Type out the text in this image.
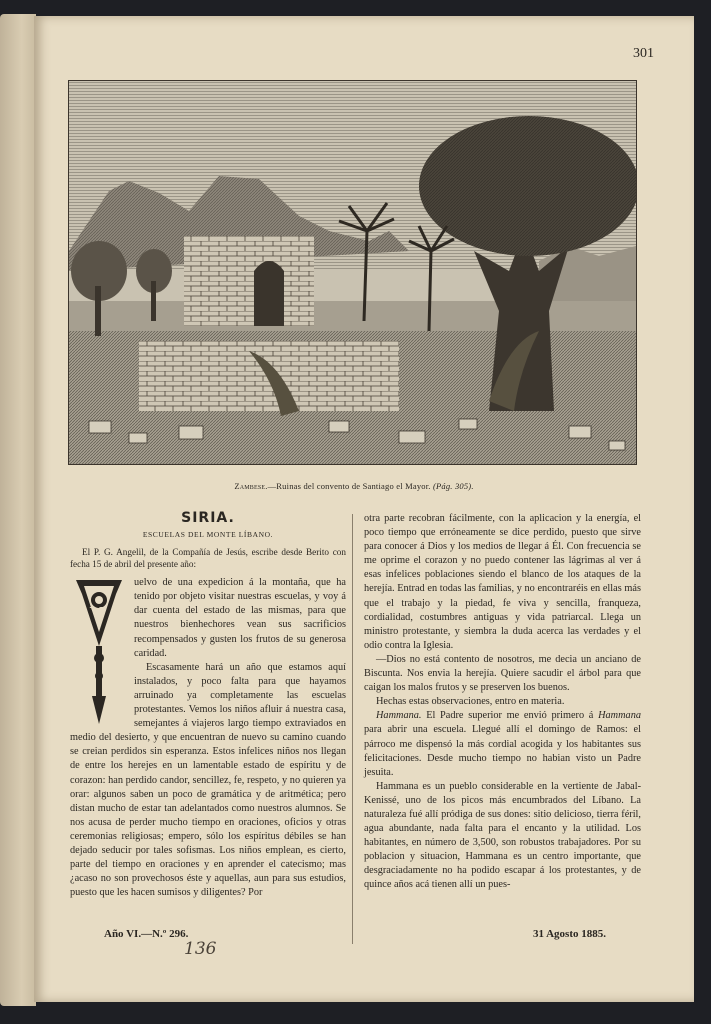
301
Zambese.—Ruinas del convento de Santiago el Mayor. (Pág. 305).
SIRIA.
ESCUELAS DEL MONTE LÍBANO.

El P. G. Angelil, de la Compañía de Jesús, escribe desde Berito con fecha 15 de abril del presente año:

V

uelvo de una expedicion á la montaña, que ha tenido por objeto visitar nuestras escuelas, y voy á dar cuenta del estado de las mismas, para que nuestros bienhechores vean sus sacrificios recompensados y gusten los frutos de su generosa caridad.

Escasamente hará un año que estamos aquí instalados, y poco falta para que hayamos arruinado ya completamente las escuelas protestantes. Vemos los niños afluir á nuestra casa, semejantes á viajeros largo tiempo extraviados en medio del desierto, y que encuentran de nuevo su camino cuando se creian perdidos sin esperanza. Estos infelices niños nos llegan de entre los herejes en un lamentable estado de espíritu y de corazon: han perdido candor, sencillez, fe, respeto, y no quieren ya orar: algunos saben un poco de gramática y de aritmética; pero distan mucho de estar tan adelantados como nuestros alumnos. Se nos acusa de perder mucho tiempo en oraciones, oficios y otras ceremonias religiosas; empero, sólo los espíritus débiles se han dejado seducir por tales sofismas. Los niños emplean, es cierto, parte del tiempo en oraciones y en aprender el catecismo; mas ¿acaso no son provechosos éste y aquellas, aun para sus estudios, puesto que les hacen sumisos y diligentes? Por

otra parte recobran fácilmente, con la aplicacion y la energía, el poco tiempo que erróneamente se dice perdido, puesto que sirve para conocer á Dios y los medios de llegar á Él. Con frecuencia se me oprime el corazon y no puedo contener las lágrimas al ver á esas infelices poblaciones siendo el blanco de los ataques de la herejía. Entrad en todas las familias, y no encontraréis en ellas más que el trabajo y la piedad, fe viva y sencilla, franqueza, cordialidad, costumbres antiguas y vida patriarcal. Llega un ministro protestante, y siembra la duda acerca las verdades y el odio contra la Iglesia.

—Dios no está contento de nosotros, me decia un anciano de Biscunta. Nos envia la herejía. Quiere sacudir el árbol para que caigan los malos frutos y se preserven los buenos.

Hechas estas observaciones, entro en materia.

Hammana. El Padre superior me envió primero á Hammana para abrir una escuela. Llegué allí el domingo de Ramos: el párroco me dispensó la más cordial acogida y los habitantes sus felicitaciones. Desde mucho tiempo no habian visto un Padre jesuita.

Hammana es un pueblo considerable en la vertiente de Jabal-Kenissé, uno de los picos más encumbrados del Líbano. La naturaleza fué allí pródiga de sus dones: sitio delicioso, tierra féril, agua abundante, nada falta para el encanto y la utilidad. Los habitantes, en número de 3,500, son robustos trabajadores. Por su poblacion y situacion, Hammana es un centro importante, que desgraciadamente no ha podido escapar á los protestantes, y de quince años acá tienen allí un pues-

Año VI.—N.º 296.	31 Agosto 1885.
136
